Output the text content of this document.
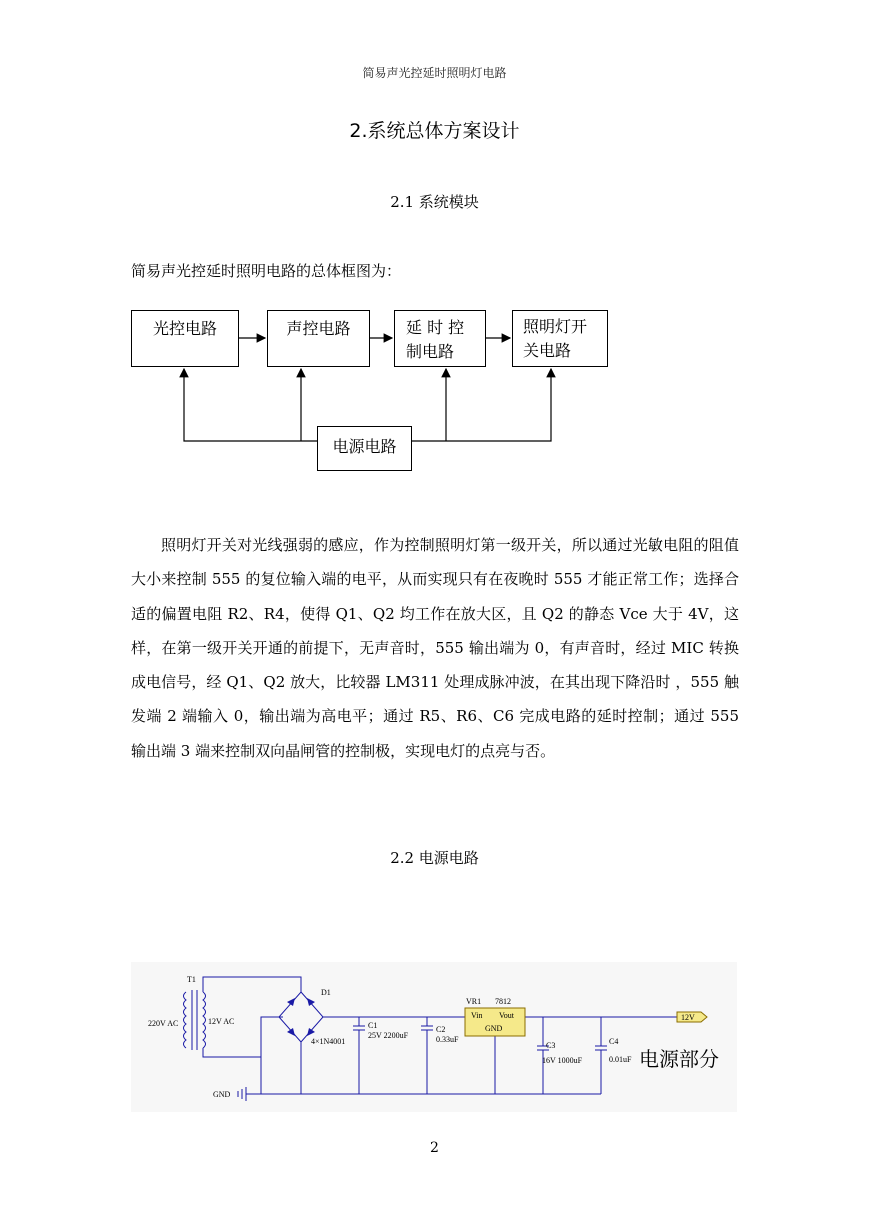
简易声光控延时照明灯电路
2.系统总体方案设计
2.1 系统模块
简易声光控延时照明电路的总体框图为：
光控电路	声控电路	延 时 控
制电路
照明灯开
关电路
电源电路
照明灯开关对光线强弱的感应，作为控制照明灯第一级开关，所以通过光敏电阻的阻值大小来控制 555 的复位输入端的电平，从而实现只有在夜晚时 555 才能正常工作；选择合适的偏置电阻 R2、R4，使得 Q1、Q2 均工作在放大区，且 Q2 的静态 Vce 大于 4V，这样，在第一级开关开通的前提下，无声音时，555 输出端为 0，有声音时，经过 MIC 转换成电信号，经 Q1、Q2 放大，比较器 LM311 处理成脉冲波，在其出现下降沿时 ，555 触发端 2 端输入 0，输出端为高电平；通过 R5、R6、C6 完成电路的延时控制；通过 555 输出端 3 端来控制双向晶闸管的控制极，实现电灯的点亮与否。
2.2 电源电路
T1
220V AC	12V AC
D1
4×1N4001
C1
25V 2200uF
C2
0.33uF
VR1 7812
Vin Vout
GND
C3
16V 1000uF
C4
0.01uF
12V
GND
电源部分
2
